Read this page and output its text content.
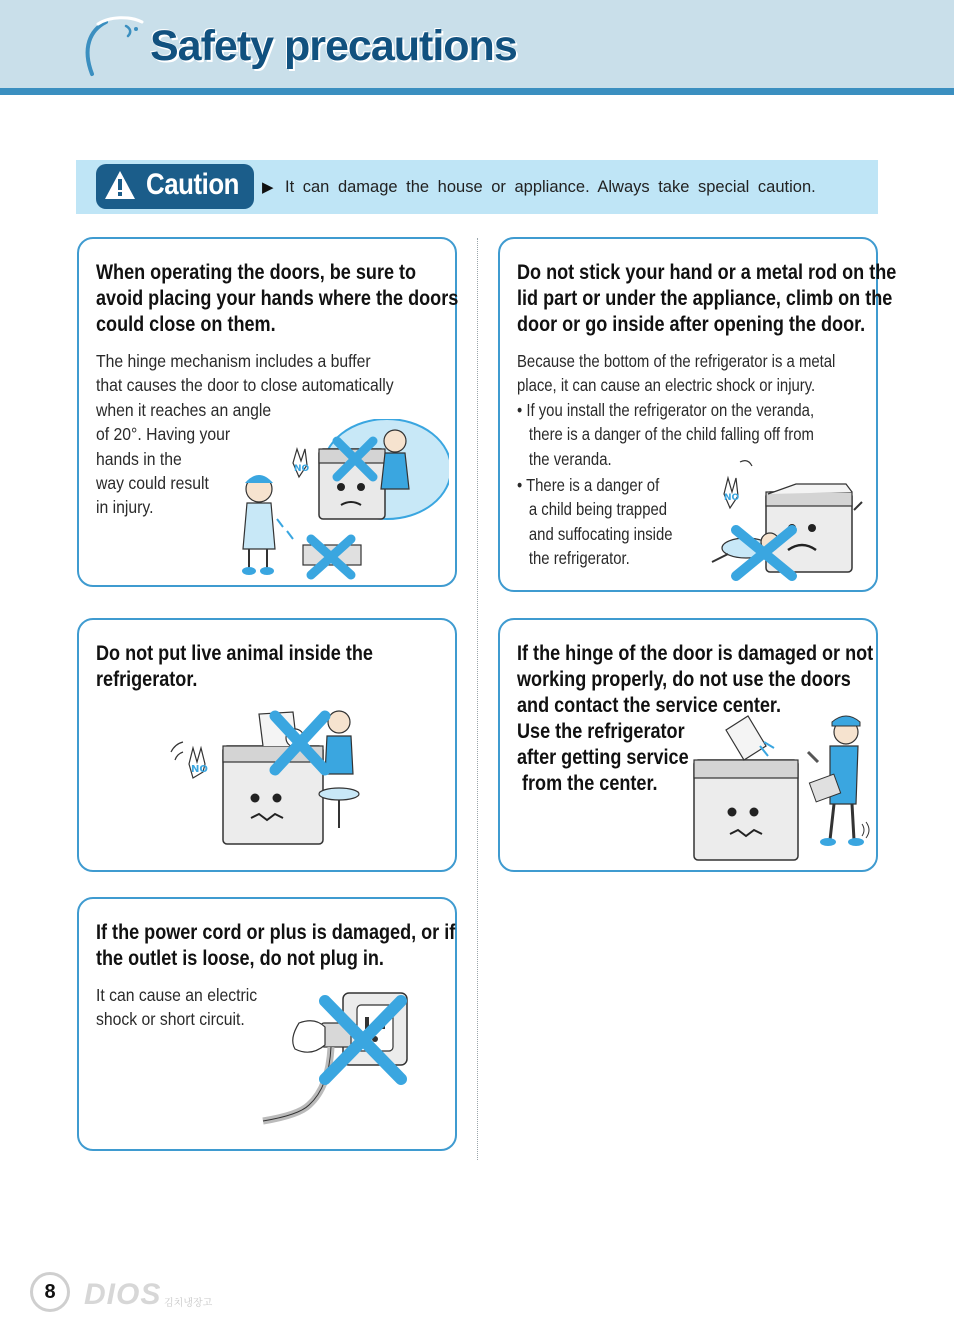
Safety precautions
Caution ▶ It can damage the house or appliance. Always take special caution.
When operating the doors, be sure to
avoid placing your hands where the doors
could close on them.
The hinge mechanism includes a buffer
that causes the door to close automatically
when it reaches an angle
of 20°. Having your
hands in the
way could result
in injury.
NO
Do not stick your hand or a metal rod on the
lid part or under the appliance, climb on the
door or go inside after opening the door.
Because the bottom of the refrigerator is a metal
place, it can cause an electric shock or injury.
• If you install the refrigerator on the veranda,
there is a danger of the child falling off from
the veranda.
• There is a danger of
a child being trapped
and suffocating inside
the refrigerator.
NO
Do not put live animal inside the
refrigerator.
NO
If the hinge of the door is damaged or not
working properly, do not use the doors
and contact the service center.
Use the refrigerator
after getting service
from the center.
If the power cord or plus is damaged, or if
the outlet is loose, do not plug in.
It can cause an electric
shock or short circuit.
8 DIOS 김치냉장고
